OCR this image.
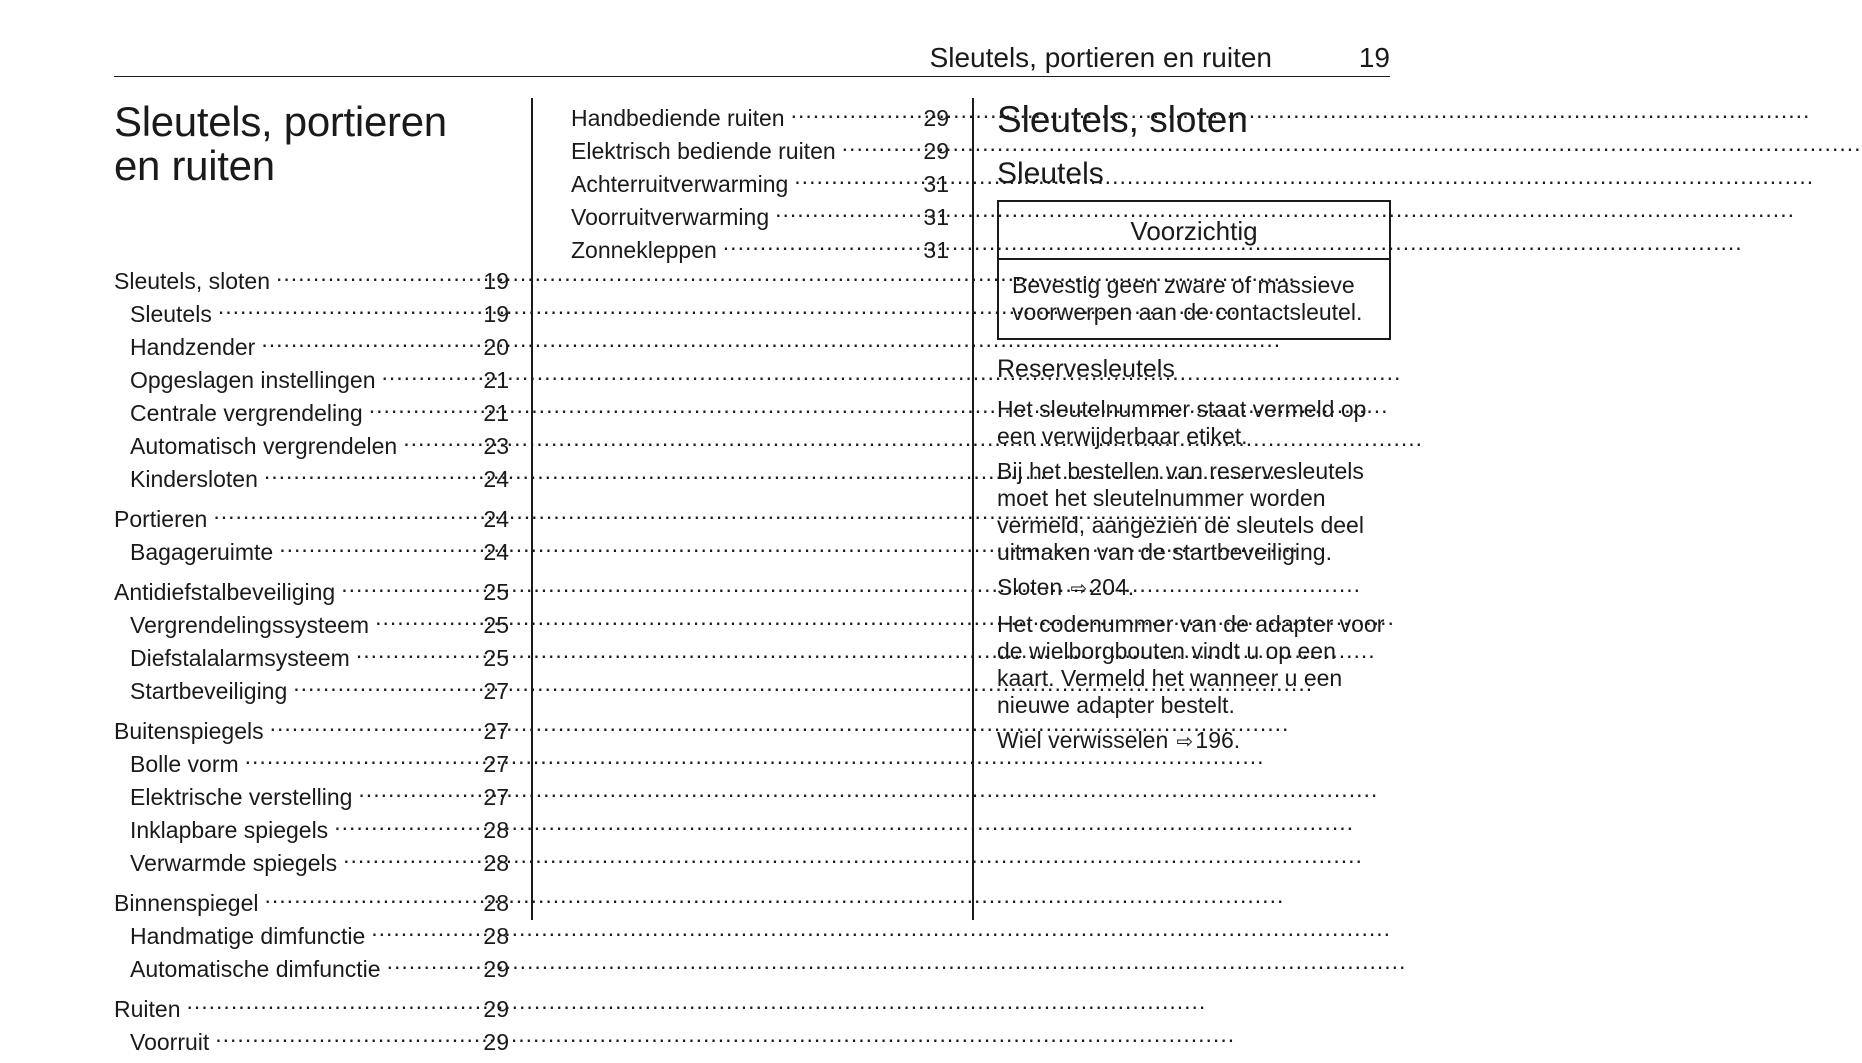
Sleutels, portieren en ruiten	19
Sleutels, portieren
en ruiten
Sleutels, sloten .....	19
Sleutels .....	19
Handzender .....	20
Opgeslagen instellingen .....	21
Centrale vergrendeling .....	21
Automatisch vergrendelen .....	23
Kindersloten .....	24
Portieren .....	24
Bagageruimte .....	24
Antidiefstalbeveiliging .....	25
Vergrendelingssysteem .....	25
Diefstalalarmsysteem .....	25
Startbeveiliging .....	27
Buitenspiegels .....	27
Bolle vorm .....	27
Elektrische verstelling .....	27
Inklapbare spiegels .....	28
Verwarmde spiegels .....	28
Binnenspiegel .....	28
Handmatige dimfunctie .....	28
Automatische dimfunctie .....	29
Ruiten .....	29
Voorruit .....	29
Handbediende ruiten .....	29
Elektrisch bediende ruiten .....	29
Achterruitverwarming .....	31
Voorruitverwarming .....	31
Zonnekleppen .....	31
Sleutels, sloten
Sleutels
Voorzichtig
Bevestig geen zware of massieve voorwerpen aan de contactsleutel.
Reservesleutels

Het sleutelnummer staat vermeld op een verwijderbaar etiket.

Bij het bestellen van reservesleutels moet het sleutelnummer worden vermeld, aangezien de sleutels deel uitmaken van de startbeveiliging.

Sloten ⇨204.

Het codenummer van de adapter voor de wielborgbouten vindt u op een kaart. Vermeld het wanneer u een nieuwe adapter bestelt.

Wiel verwisselen ⇨196.
